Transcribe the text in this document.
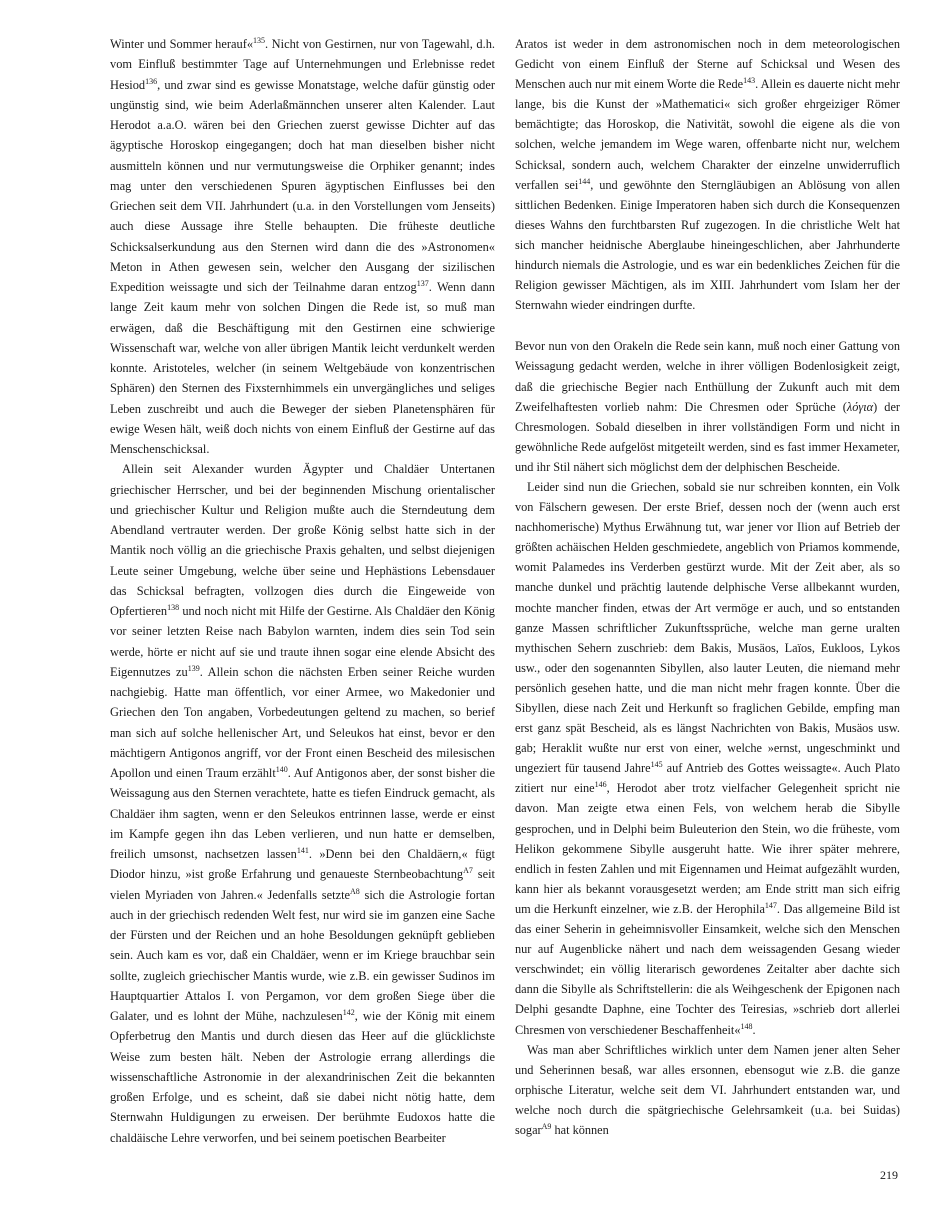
Winter und Sommer herauf«$^{135}$. Nicht von Gestirnen, nur von Tagewahl, d.h. vom Einfluß bestimmter Tage auf Unternehmungen und Erlebnisse redet Hesiod$^{136}$, und zwar sind es gewisse Monatstage, welche dafür günstig oder ungünstig sind, wie beim Aderlaßmännchen unserer alten Kalender. Laut Herodot a.a.O. wären bei den Griechen zuerst gewisse Dichter auf das ägyptische Horoskop eingegangen; doch hat man dieselben bisher nicht ausmitteln können und nur vermutungsweise die Orphiker genannt; indes mag unter den verschiedenen Spuren ägyptischen Einflusses bei den Griechen seit dem VII. Jahrhundert (u.a. in den Vorstellungen vom Jenseits) auch diese Aussage ihre Stelle behaupten. Die früheste deutliche Schicksalserkundung aus den Sternen wird dann die des »Astronomen« Meton in Athen gewesen sein, welcher den Ausgang der sizilischen Expedition weissagte und sich der Teilnahme daran entzog$^{137}$. Wenn dann lange Zeit kaum mehr von solchen Dingen die Rede ist, so muß man erwägen, daß die Beschäftigung mit den Gestirnen eine schwierige Wissenschaft war, welche von aller übrigen Mantik leicht verdunkelt werden konnte. Aristoteles, welcher (in seinem Weltgebäude von konzentrischen Sphären) den Sternen des Fixsternhimmels ein unvergängliches und seliges Leben zuschreibt und auch die Beweger der sieben Planetensphären für ewige Wesen hält, weiß doch nichts von einem Einfluß der Gestirne auf das Menschenschicksal.

Allein seit Alexander wurden Ägypter und Chaldäer Untertanen griechischer Herrscher, und bei der beginnenden Mischung orientalischer und griechischer Kultur und Religion mußte auch die Sterndeutung dem Abendland vertrauter werden. Der große König selbst hatte sich in der Mantik noch völlig an die griechische Praxis gehalten, und selbst diejenigen Leute seiner Umgebung, welche über seine und Hephästions Lebensdauer das Schicksal befragten, vollzogen dies durch die Eingeweide von Opfertieren$^{138}$ und noch nicht mit Hilfe der Gestirne. Als Chaldäer den König vor seiner letzten Reise nach Babylon warnten, indem dies sein Tod sein werde, hörte er nicht auf sie und traute ihnen sogar eine elende Absicht des Eigennutzes $zu^{139}$. Allein schon die nächsten Erben seiner Reiche wurden nachgiebig. Hatte man öffentlich, vor einer Armee, wo Makedonier und Griechen den Ton angaben, Vorbedeutungen geltend zu machen, so berief man sich auf solche hellenischer Art, und Seleukos hat einst, bevor er den mächtigern Antigonos angriff, vor der Front einen Bescheid des milesischen Apollon und einen Traum erzählt$^{140}$. Auf Antigonos aber, der sonst bisher die Weissagung aus den Sternen verachtete, hatte es tiefen Eindruck gemacht, als Chaldäer ihm sagten, wenn er den Seleukos entrinnen lasse, werde er einst im Kampfe gegen ihn das Leben verlieren, und nun hatte er demselben, freilich umsonst, nachsetzen lassen$^{141}$. »Denn bei den Chaldäern,« fügt Diodor hinzu, »ist große Erfahrung und genaueste Sternbeobachtung$^{A7}$ seit vielen Myriaden von Jahren.« Jedenfalls setzte$^{A8}$ sich die Astrologie fortan auch in der griechisch redenden Welt fest, nur wird sie im ganzen eine Sache der Fürsten und der Reichen und an hohe Besoldungen geknüpft geblieben sein. Auch kam es vor, daß ein Chaldäer, wenn er im Kriege brauchbar sein sollte, zugleich griechischer Mantis wurde, wie z.B. ein gewisser Sudinos im Hauptquartier Attalos I. von Pergamon, vor dem großen Siege über die Galater, und es lohnt der Mühe, nachzulesen$^{142}$, wie der König mit einem Opferbetrug den Mantis und durch diesen das Heer auf die glücklichste Weise zum besten hält. Neben der Astrologie errang allerdings die wissenschaftliche Astronomie in der alexandrinischen Zeit die bekannten großen Erfolge, und es scheint, daß sie dabei nicht nötig hatte, dem Sternwahn Huldigungen zu erweisen. Der berühmte Eudoxos hatte die chaldäische Lehre verworfen, und bei seinem poetischen Bearbeiter

Aratos ist weder in dem astronomischen noch in dem meteorologischen Gedicht von einem Einfluß der Sterne auf Schicksal und Wesen des Menschen auch nur mit einem Worte die Rede$^{143}$. Allein es dauerte nicht mehr lange, bis die Kunst der »Mathematici« sich großer ehrgeiziger Römer bemächtigte; das Horoskop, die Nativität, sowohl die eigene als die von solchen, welche jemandem im Wege waren, offenbarte nicht nur, welchem Schicksal, sondern auch, welchem Charakter der einzelne unwiderruflich verfallen sei$^{144}$, und gewöhnte den Sterngläubigen an Ablösung von allen sittlichen Bedenken. Einige Imperatoren haben sich durch die Konsequenzen dieses Wahns den furchtbarsten Ruf zugezogen. In die christliche Welt hat sich mancher heidnische Aberglaube hineingeschlichen, aber Jahrhunderte hindurch niemals die Astrologie, und es war ein bedenkliches Zeichen für die Religion gewisser Mächtigen, als im XIII. Jahrhundert vom Islam her der Sternwahn wieder eindringen durfte.

Bevor nun von den Orakeln die Rede sein kann, muß noch einer Gattung von Weissagung gedacht werden, welche in ihrer völligen Bodenlosigkeit zeigt, daß die griechische Begier nach Enthüllung der Zukunft auch mit dem Zweifelhaftesten vorlieb nahm: Die Chresmen oder Sprüche (λόγια) der Chresmologen. Sobald dieselben in ihrer vollständigen Form und nicht in gewöhnliche Rede aufgelöst mitgeteilt werden, sind es fast immer Hexameter, und ihr Stil nähert sich möglichst dem der delphischen Bescheide.

Leider sind nun die Griechen, sobald sie nur schreiben konnten, ein Volk von Fälschern gewesen. Der erste Brief, dessen noch der (wenn auch erst nachhomerische) Mythus Erwähnung tut, war jener vor Ilion auf Betrieb der größten achäischen Helden geschmiedete, angeblich von Priamos kommende, womit Palamedes ins Verderben gestürzt wurde. Mit der Zeit aber, als so manche dunkel und prächtig lautende delphische Verse allbekannt wurden, mochte mancher finden, etwas der Art vermöge er auch, und so entstanden ganze Massen schriftlicher Zukunftssprüche, welche man gerne uralten mythischen Sehern zuschrieb: dem Bakis, Musäos, Laïos, Eukloos, Lykos usw., oder den sogenannten Sibyllen, also lauter Leuten, die niemand mehr persönlich gesehen hatte, und die man nicht mehr fragen konnte. Über die Sibyllen, diese nach Zeit und Herkunft so fraglichen Gebilde, empfing man erst ganz spät Bescheid, als es längst Nachrichten von Bakis, Musäos usw. gab; Heraklit wußte nur erst von einer, welche »ernst, ungeschminkt und ungeziert für tausend Jahre$^{145}$ auf Antrieb des Gottes weissagte«. Auch Plato zitiert nur eine$^{146}$, Herodot aber trotz vielfacher Gelegenheit spricht nie davon. Man zeigte etwa einen Fels, von welchem herab die Sibylle gesprochen, und in Delphi beim Buleuterion den Stein, wo die früheste, vom Helikon gekommene Sibylle ausgeruht hatte. Wie ihrer später mehrere, endlich in festen Zahlen und mit Eigennamen und Heimat aufgezählt wurden, kann hier als bekannt vorausgesetzt werden; am Ende stritt man sich eifrig um die Herkunft einzelner, wie z.B. der Herophila$^{147}$. Das allgemeine Bild ist das einer Seherin in geheimnisvoller Einsamkeit, welche sich den Menschen nur auf Augenblicke nähert und nach dem weissagenden Gesang wieder verschwindet; ein völlig literarisch gewordenes Zeitalter aber dachte sich dann die Sibylle als Schriftstellerin: die als Weihgeschenk der Epigonen nach Delphi gesandte Daphne, eine Tochter des Teiresias, »schrieb dort allerlei Chresmen von verschiedener Beschaffenheit«$^{148}$.

Was man aber Schriftliches wirklich unter dem Namen jener alten Seher und Seherinnen besaß, war alles ersonnen, ebensogut wie z.B. die ganze orphische Literatur, welche seit dem VI. Jahrhundert entstanden war, und welche noch durch die spätgriechische Gelehrsamkeit (u.a. bei Suidas) sogar$^{A9}$ hat können

219
